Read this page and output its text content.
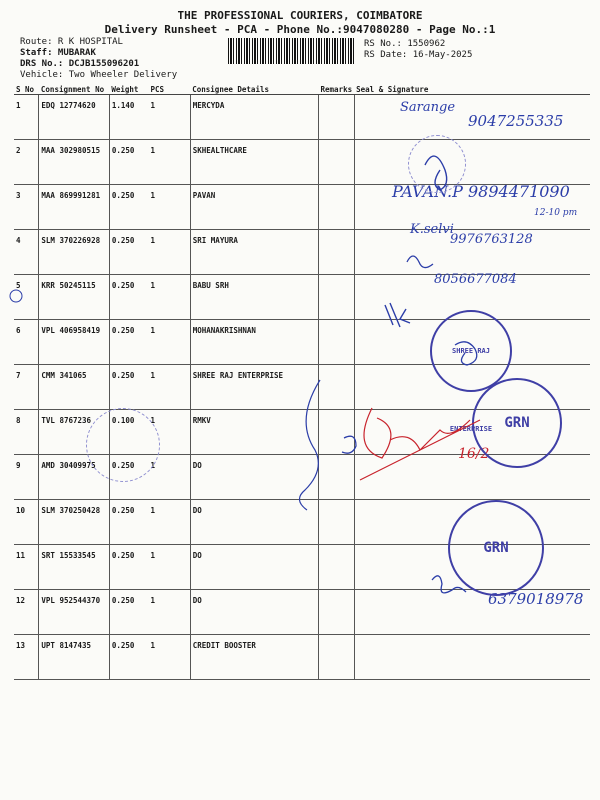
THE PROFESSIONAL COURIERS, COIMBATORE
Delivery Runsheet - PCA - Phone No.:9047080280 - Page No.:1
Route: R K HOSPITAL
Staff: MUBARAK
DRS No.: DCJB155096201
Vehicle: Two Wheeler Delivery
RS No.: 1550962
RS Date: 16-May-2025
S No	Consignment No	Weight	PCS	Consignee Details	Remarks	Seal & Signature
1	EDQ 12774620	1.140	1	MERCYDA		
2	MAA 302980515	0.250	1	SKHEALTHCARE		
3	MAA 869991281	0.250	1	PAVAN		
4	SLM 370226928	0.250	1	SRI MAYURA		
5	KRR 50245115	0.250	1	BABU SRH		
6	VPL 406958419	0.250	1	MOHANAKRISHNAN		
7	CMM 341065	0.250	1	SHREE RAJ ENTERPRISE		
8	TVL 8767236	0.100	1	RMKV		
9	AMD 30409975	0.250	1	DO		
10	SLM 370250428	0.250	1	DO		
11	SRT 15533545	0.250	1	DO		
12	VPL 952544370	0.250	1	DO		
13	UPT 8147435	0.250	1	CREDIT BOOSTER		
Sarange
9047255335
PAVAN.P 9894471090
K.selvi
12-10 pm
9976763128
8056677084
6379018978
16/2
SHREE RAJ ENTERPRISE GRN
GRN
